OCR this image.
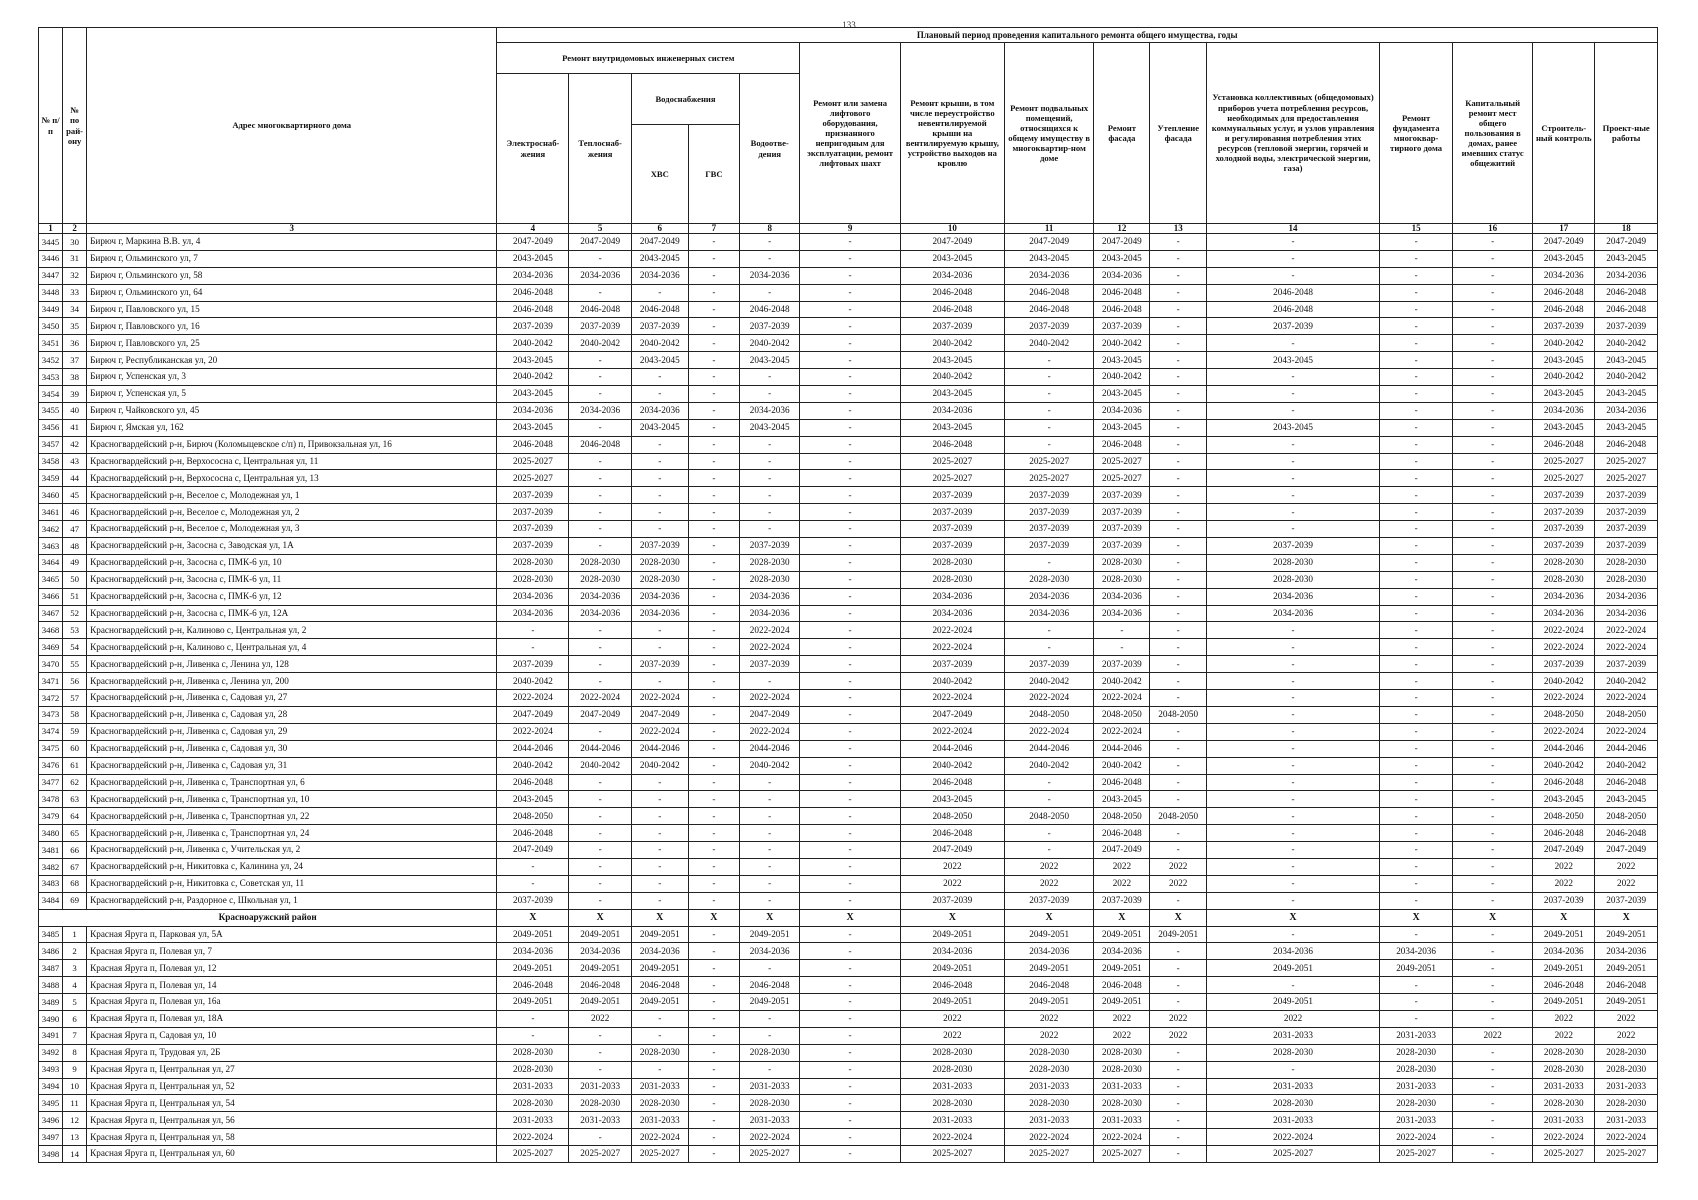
133
№ п/п	№ по рай-ону	Адрес многоквартирного дома	Плановый период проведения капитального ремонта общего имущества, годы														
			Ремонт внутридомовых инженерных систем					Ремонт или замена лифтового оборудования, признанного непригодным для эксплуатации, ремонт лифтовых шахт	Ремонт крыши, в том числе переустройство невентилируемой крыши на вентилируемую крышу, устройство выходов на кровлю	Ремонт подвальных помещений, относящихся к общему имуществу в многоквартир-ном доме	Ремонт фасада	Утепление фасада	Установка коллективных (общедомовых) приборов учета потребления ресурсов, необходимых для предоставления коммунальных услуг, и узлов управления и регулирования потребления этих ресурсов (тепловой энергии, горячей и холодной воды, электрической энергии, газа)	Ремонт фундамента многоквар-тирного дома	Капитальный ремонт мест общего пользования в домах, ранее имевших статус общежитий	Строитель-ный контроль	Проект-ные работы
			Электроснаб-жения	Теплоснаб-жения	Водоснабжения		Водоотве-дения										
					ХВС	ГВС											
1	2	3	4	5	6	7	8	9	10	11	12	13	14	15	16	17	18
3445	30	Бирюч г, Маркина В.В. ул, 4	2047-2049	2047-2049	2047-2049	-	-	-	2047-2049	2047-2049	2047-2049	-	-	-	-	2047-2049	2047-2049
3446	31	Бирюч г, Ольминского ул, 7	2043-2045	-	2043-2045	-	-	-	2043-2045	2043-2045	2043-2045	-	-	-	-	2043-2045	2043-2045
3447	32	Бирюч г, Ольминского ул, 58	2034-2036	2034-2036	2034-2036	-	2034-2036	-	2034-2036	2034-2036	2034-2036	-	-	-	-	2034-2036	2034-2036
3448	33	Бирюч г, Ольминского ул, 64	2046-2048	-	-	-	-	-	2046-2048	2046-2048	2046-2048	-	2046-2048	-	-	2046-2048	2046-2048
3449	34	Бирюч г, Павловского ул, 15	2046-2048	2046-2048	2046-2048	-	2046-2048	-	2046-2048	2046-2048	2046-2048	-	2046-2048	-	-	2046-2048	2046-2048
3450	35	Бирюч г, Павловского ул, 16	2037-2039	2037-2039	2037-2039	-	2037-2039	-	2037-2039	2037-2039	2037-2039	-	2037-2039	-	-	2037-2039	2037-2039
3451	36	Бирюч г, Павловского ул, 25	2040-2042	2040-2042	2040-2042	-	2040-2042	-	2040-2042	2040-2042	2040-2042	-	-	-	-	2040-2042	2040-2042
3452	37	Бирюч г, Республиканская ул, 20	2043-2045	-	2043-2045	-	2043-2045	-	2043-2045	-	2043-2045	-	2043-2045	-	-	2043-2045	2043-2045
3453	38	Бирюч г, Успенская ул, 3	2040-2042	-	-	-	-	-	2040-2042	-	2040-2042	-	-	-	-	2040-2042	2040-2042
3454	39	Бирюч г, Успенская ул, 5	2043-2045	-	-	-	-	-	2043-2045	-	2043-2045	-	-	-	-	2043-2045	2043-2045
3455	40	Бирюч г, Чайковского ул, 45	2034-2036	2034-2036	2034-2036	-	2034-2036	-	2034-2036	-	2034-2036	-	-	-	-	2034-2036	2034-2036
3456	41	Бирюч г, Ямская ул, 162	2043-2045	-	2043-2045	-	2043-2045	-	2043-2045	-	2043-2045	-	2043-2045	-	-	2043-2045	2043-2045
3457	42	Красногвардейский р-н, Бирюч (Коломыцевское с/п) п, Привокзальная ул, 16	2046-2048	2046-2048	-	-	-	-	2046-2048	-	2046-2048	-	-	-	-	2046-2048	2046-2048
3458	43	Красногвардейский р-н, Верхососна с, Центральная ул, 11	2025-2027	-	-	-	-	-	2025-2027	2025-2027	2025-2027	-	-	-	-	2025-2027	2025-2027
3459	44	Красногвардейский р-н, Верхососна с, Центральная ул, 13	2025-2027	-	-	-	-	-	2025-2027	2025-2027	2025-2027	-	-	-	-	2025-2027	2025-2027
3460	45	Красногвардейский р-н, Веселое с, Молодежная ул, 1	2037-2039	-	-	-	-	-	2037-2039	2037-2039	2037-2039	-	-	-	-	2037-2039	2037-2039
3461	46	Красногвардейский р-н, Веселое с, Молодежная ул, 2	2037-2039	-	-	-	-	-	2037-2039	2037-2039	2037-2039	-	-	-	-	2037-2039	2037-2039
3462	47	Красногвардейский р-н, Веселое с, Молодежная ул, 3	2037-2039	-	-	-	-	-	2037-2039	2037-2039	2037-2039	-	-	-	-	2037-2039	2037-2039
3463	48	Красногвардейский р-н, Засосна с, Заводская ул, 1А	2037-2039	-	2037-2039	-	2037-2039	-	2037-2039	2037-2039	2037-2039	-	2037-2039	-	-	2037-2039	2037-2039
3464	49	Красногвардейский р-н, Засосна с, ПМК-6 ул, 10	2028-2030	2028-2030	2028-2030	-	2028-2030	-	2028-2030	-	2028-2030	-	2028-2030	-	-	2028-2030	2028-2030
3465	50	Красногвардейский р-н, Засосна с, ПМК-6 ул, 11	2028-2030	2028-2030	2028-2030	-	2028-2030	-	2028-2030	2028-2030	2028-2030	-	2028-2030	-	-	2028-2030	2028-2030
3466	51	Красногвардейский р-н, Засосна с, ПМК-6 ул, 12	2034-2036	2034-2036	2034-2036	-	2034-2036	-	2034-2036	2034-2036	2034-2036	-	2034-2036	-	-	2034-2036	2034-2036
3467	52	Красногвардейский р-н, Засосна с, ПМК-6 ул, 12А	2034-2036	2034-2036	2034-2036	-	2034-2036	-	2034-2036	2034-2036	2034-2036	-	2034-2036	-	-	2034-2036	2034-2036
3468	53	Красногвардейский р-н, Калиново с, Центральная ул, 2	-	-	-	-	2022-2024	-	2022-2024	-	-	-	-	-	-	2022-2024	2022-2024
3469	54	Красногвардейский р-н, Калиново с, Центральная ул, 4	-	-	-	-	2022-2024	-	2022-2024	-	-	-	-	-	-	2022-2024	2022-2024
3470	55	Красногвардейский р-н, Ливенка с, Ленина ул, 128	2037-2039	-	2037-2039	-	2037-2039	-	2037-2039	2037-2039	2037-2039	-	-	-	-	2037-2039	2037-2039
3471	56	Красногвардейский р-н, Ливенка с, Ленина ул, 200	2040-2042	-	-	-	-	-	2040-2042	2040-2042	2040-2042	-	-	-	-	2040-2042	2040-2042
3472	57	Красногвардейский р-н, Ливенка с, Садовая ул, 27	2022-2024	2022-2024	2022-2024	-	2022-2024	-	2022-2024	2022-2024	2022-2024	-	-	-	-	2022-2024	2022-2024
3473	58	Красногвардейский р-н, Ливенка с, Садовая ул, 28	2047-2049	2047-2049	2047-2049	-	2047-2049	-	2047-2049	2048-2050	2048-2050	2048-2050	-	-	-	2048-2050	2048-2050
3474	59	Красногвардейский р-н, Ливенка с, Садовая ул, 29	2022-2024	-	2022-2024	-	2022-2024	-	2022-2024	2022-2024	2022-2024	-	-	-	-	2022-2024	2022-2024
3475	60	Красногвардейский р-н, Ливенка с, Садовая ул, 30	2044-2046	2044-2046	2044-2046	-	2044-2046	-	2044-2046	2044-2046	2044-2046	-	-	-	-	2044-2046	2044-2046
3476	61	Красногвардейский р-н, Ливенка с, Садовая ул, 31	2040-2042	2040-2042	2040-2042	-	2040-2042	-	2040-2042	2040-2042	2040-2042	-	-	-	-	2040-2042	2040-2042
3477	62	Красногвардейский р-н, Ливенка с, Транспортная ул, 6	2046-2048	-	-	-	-	-	2046-2048	-	2046-2048	-	-	-	-	2046-2048	2046-2048
3478	63	Красногвардейский р-н, Ливенка с, Транспортная ул, 10	2043-2045	-	-	-	-	-	2043-2045	-	2043-2045	-	-	-	-	2043-2045	2043-2045
3479	64	Красногвардейский р-н, Ливенка с, Транспортная ул, 22	2048-2050	-	-	-	-	-	2048-2050	2048-2050	2048-2050	2048-2050	-	-	-	2048-2050	2048-2050
3480	65	Красногвардейский р-н, Ливенка с, Транспортная ул, 24	2046-2048	-	-	-	-	-	2046-2048	-	2046-2048	-	-	-	-	2046-2048	2046-2048
3481	66	Красногвардейский р-н, Ливенка с, Учительская ул, 2	2047-2049	-	-	-	-	-	2047-2049	-	2047-2049	-	-	-	-	2047-2049	2047-2049
3482	67	Красногвардейский р-н, Никитовка с, Калинина ул, 24	-	-	-	-	-	-	2022	2022	2022	2022	-	-	-	2022	2022
3483	68	Красногвардейский р-н, Никитовка с, Советская ул, 11	-	-	-	-	-	-	2022	2022	2022	2022	-	-	-	2022	2022
3484	69	Красногвардейский р-н, Раздорное с, Школьная ул, 1	2037-2039	-	-	-	-	-	2037-2039	2037-2039	2037-2039	-	-	-	-	2037-2039	2037-2039
Красноаружский район			Х	Х	Х	Х	Х	Х	Х	Х	Х	Х	Х	Х	Х	Х	Х
3485	1	Красная Яруга п, Парковая ул, 5А	2049-2051	2049-2051	2049-2051	-	2049-2051	-	2049-2051	2049-2051	2049-2051	2049-2051	-	-	-	2049-2051	2049-2051
3486	2	Красная Яруга п, Полевая ул, 7	2034-2036	2034-2036	2034-2036	-	2034-2036	-	2034-2036	2034-2036	2034-2036	-	2034-2036	2034-2036	-	2034-2036	2034-2036
3487	3	Красная Яруга п, Полевая ул, 12	2049-2051	2049-2051	2049-2051	-	-	-	2049-2051	2049-2051	2049-2051	-	2049-2051	2049-2051	-	2049-2051	2049-2051
3488	4	Красная Яруга п, Полевая ул, 14	2046-2048	2046-2048	2046-2048	-	2046-2048	-	2046-2048	2046-2048	2046-2048	-	-	-	-	2046-2048	2046-2048
3489	5	Красная Яруга п, Полевая ул, 16а	2049-2051	2049-2051	2049-2051	-	2049-2051	-	2049-2051	2049-2051	2049-2051	-	2049-2051	-	-	2049-2051	2049-2051
3490	6	Красная Яруга п, Полевая ул, 18А	-	2022	-	-	-	-	2022	2022	2022	2022	2022	-	-	2022	2022
3491	7	Красная Яруга п, Садовая ул, 10	-	-	-	-	-	-	2022	2022	2022	2022	2031-2033	2031-2033	2022	2022	2022
3492	8	Красная Яруга п, Трудовая ул, 2Б	2028-2030	-	2028-2030	-	2028-2030	-	2028-2030	2028-2030	2028-2030	-	2028-2030	2028-2030	-	2028-2030	2028-2030
3493	9	Красная Яруга п, Центральная ул, 27	2028-2030	-	-	-	-	-	2028-2030	2028-2030	2028-2030	-	-	2028-2030	-	2028-2030	2028-2030
3494	10	Красная Яруга п, Центральная ул, 52	2031-2033	2031-2033	2031-2033	-	2031-2033	-	2031-2033	2031-2033	2031-2033	-	2031-2033	2031-2033	-	2031-2033	2031-2033
3495	11	Красная Яруга п, Центральная ул, 54	2028-2030	2028-2030	2028-2030	-	2028-2030	-	2028-2030	2028-2030	2028-2030	-	2028-2030	2028-2030	-	2028-2030	2028-2030
3496	12	Красная Яруга п, Центральная ул, 56	2031-2033	2031-2033	2031-2033	-	2031-2033	-	2031-2033	2031-2033	2031-2033	-	2031-2033	2031-2033	-	2031-2033	2031-2033
3497	13	Красная Яруга п, Центральная ул, 58	2022-2024	-	2022-2024	-	2022-2024	-	2022-2024	2022-2024	2022-2024	-	2022-2024	2022-2024	-	2022-2024	2022-2024
3498	14	Красная Яруга п, Центральная ул, 60	2025-2027	2025-2027	2025-2027	-	2025-2027	-	2025-2027	2025-2027	2025-2027	-	2025-2027	2025-2027	-	2025-2027	2025-2027
